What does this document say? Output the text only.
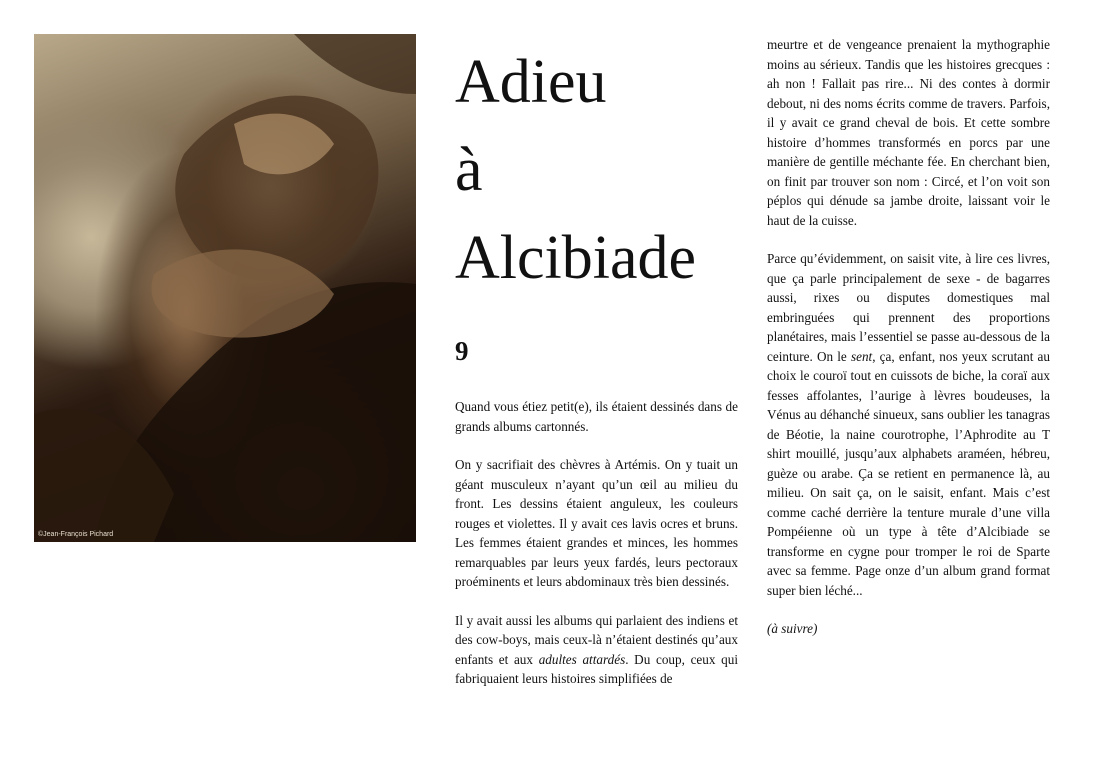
©Jean-François Pichard
Adieu
à
Alcibiade
9

Quand vous étiez petit(e), ils étaient dessinés dans de grands albums cartonnés.

On y sacrifiait des chèvres à Artémis. On y tuait un géant musculeux n’ayant qu’un œil au milieu du front. Les dessins étaient anguleux, les couleurs rouges et violettes. Il y avait ces lavis ocres et bruns. Les femmes étaient grandes et minces, les hommes remarquables par leurs yeux fardés, leurs pectoraux proéminents et leurs abdominaux très bien dessinés.

Il y avait aussi les albums qui parlaient des indiens et des cow-boys, mais ceux-là n’étaient destinés qu’aux enfants et aux adultes attardés. Du coup, ceux qui fabriquaient leurs histoires simplifiées de

meurtre et de vengeance prenaient la mythographie moins au sérieux. Tandis que les histoires grecques : ah non ! Fallait pas rire... Ni des contes à dormir debout, ni des noms écrits comme de travers. Parfois, il y avait ce grand cheval de bois. Et cette sombre histoire d’hommes transformés en porcs par une manière de gentille méchante fée. En cherchant bien, on finit par trouver son nom : Circé, et l’on voit son péplos qui dénude sa jambe droite, laissant voir le haut de la cuisse.

Parce qu’évidemment, on saisit vite, à lire ces livres, que ça parle principalement de sexe - de bagarres aussi, rixes ou disputes domestiques mal embringuées qui prennent des proportions planétaires, mais l’essentiel se passe au-dessous de la ceinture. On le sent, ça, enfant, nos yeux scrutant au choix le couroï tout en cuissots de biche, la coraï aux fesses affolantes, l’aurige à lèvres boudeuses, la Vénus au déhanché sinueux, sans oublier les tanagras de Béotie, la naine courotrophe, l’Aphrodite au T shirt mouillé, jusqu’aux alphabets araméen, hébreu, guèze ou arabe. Ça se retient en permanence là, au milieu. On sait ça, on le saisit, enfant. Mais c’est comme caché derrière la tenture murale d’une villa Pompéienne où un type à tête d’Alcibiade se transforme en cygne pour tromper le roi de Sparte avec sa femme. Page onze d’un album grand format super bien léché...

(à suivre)
